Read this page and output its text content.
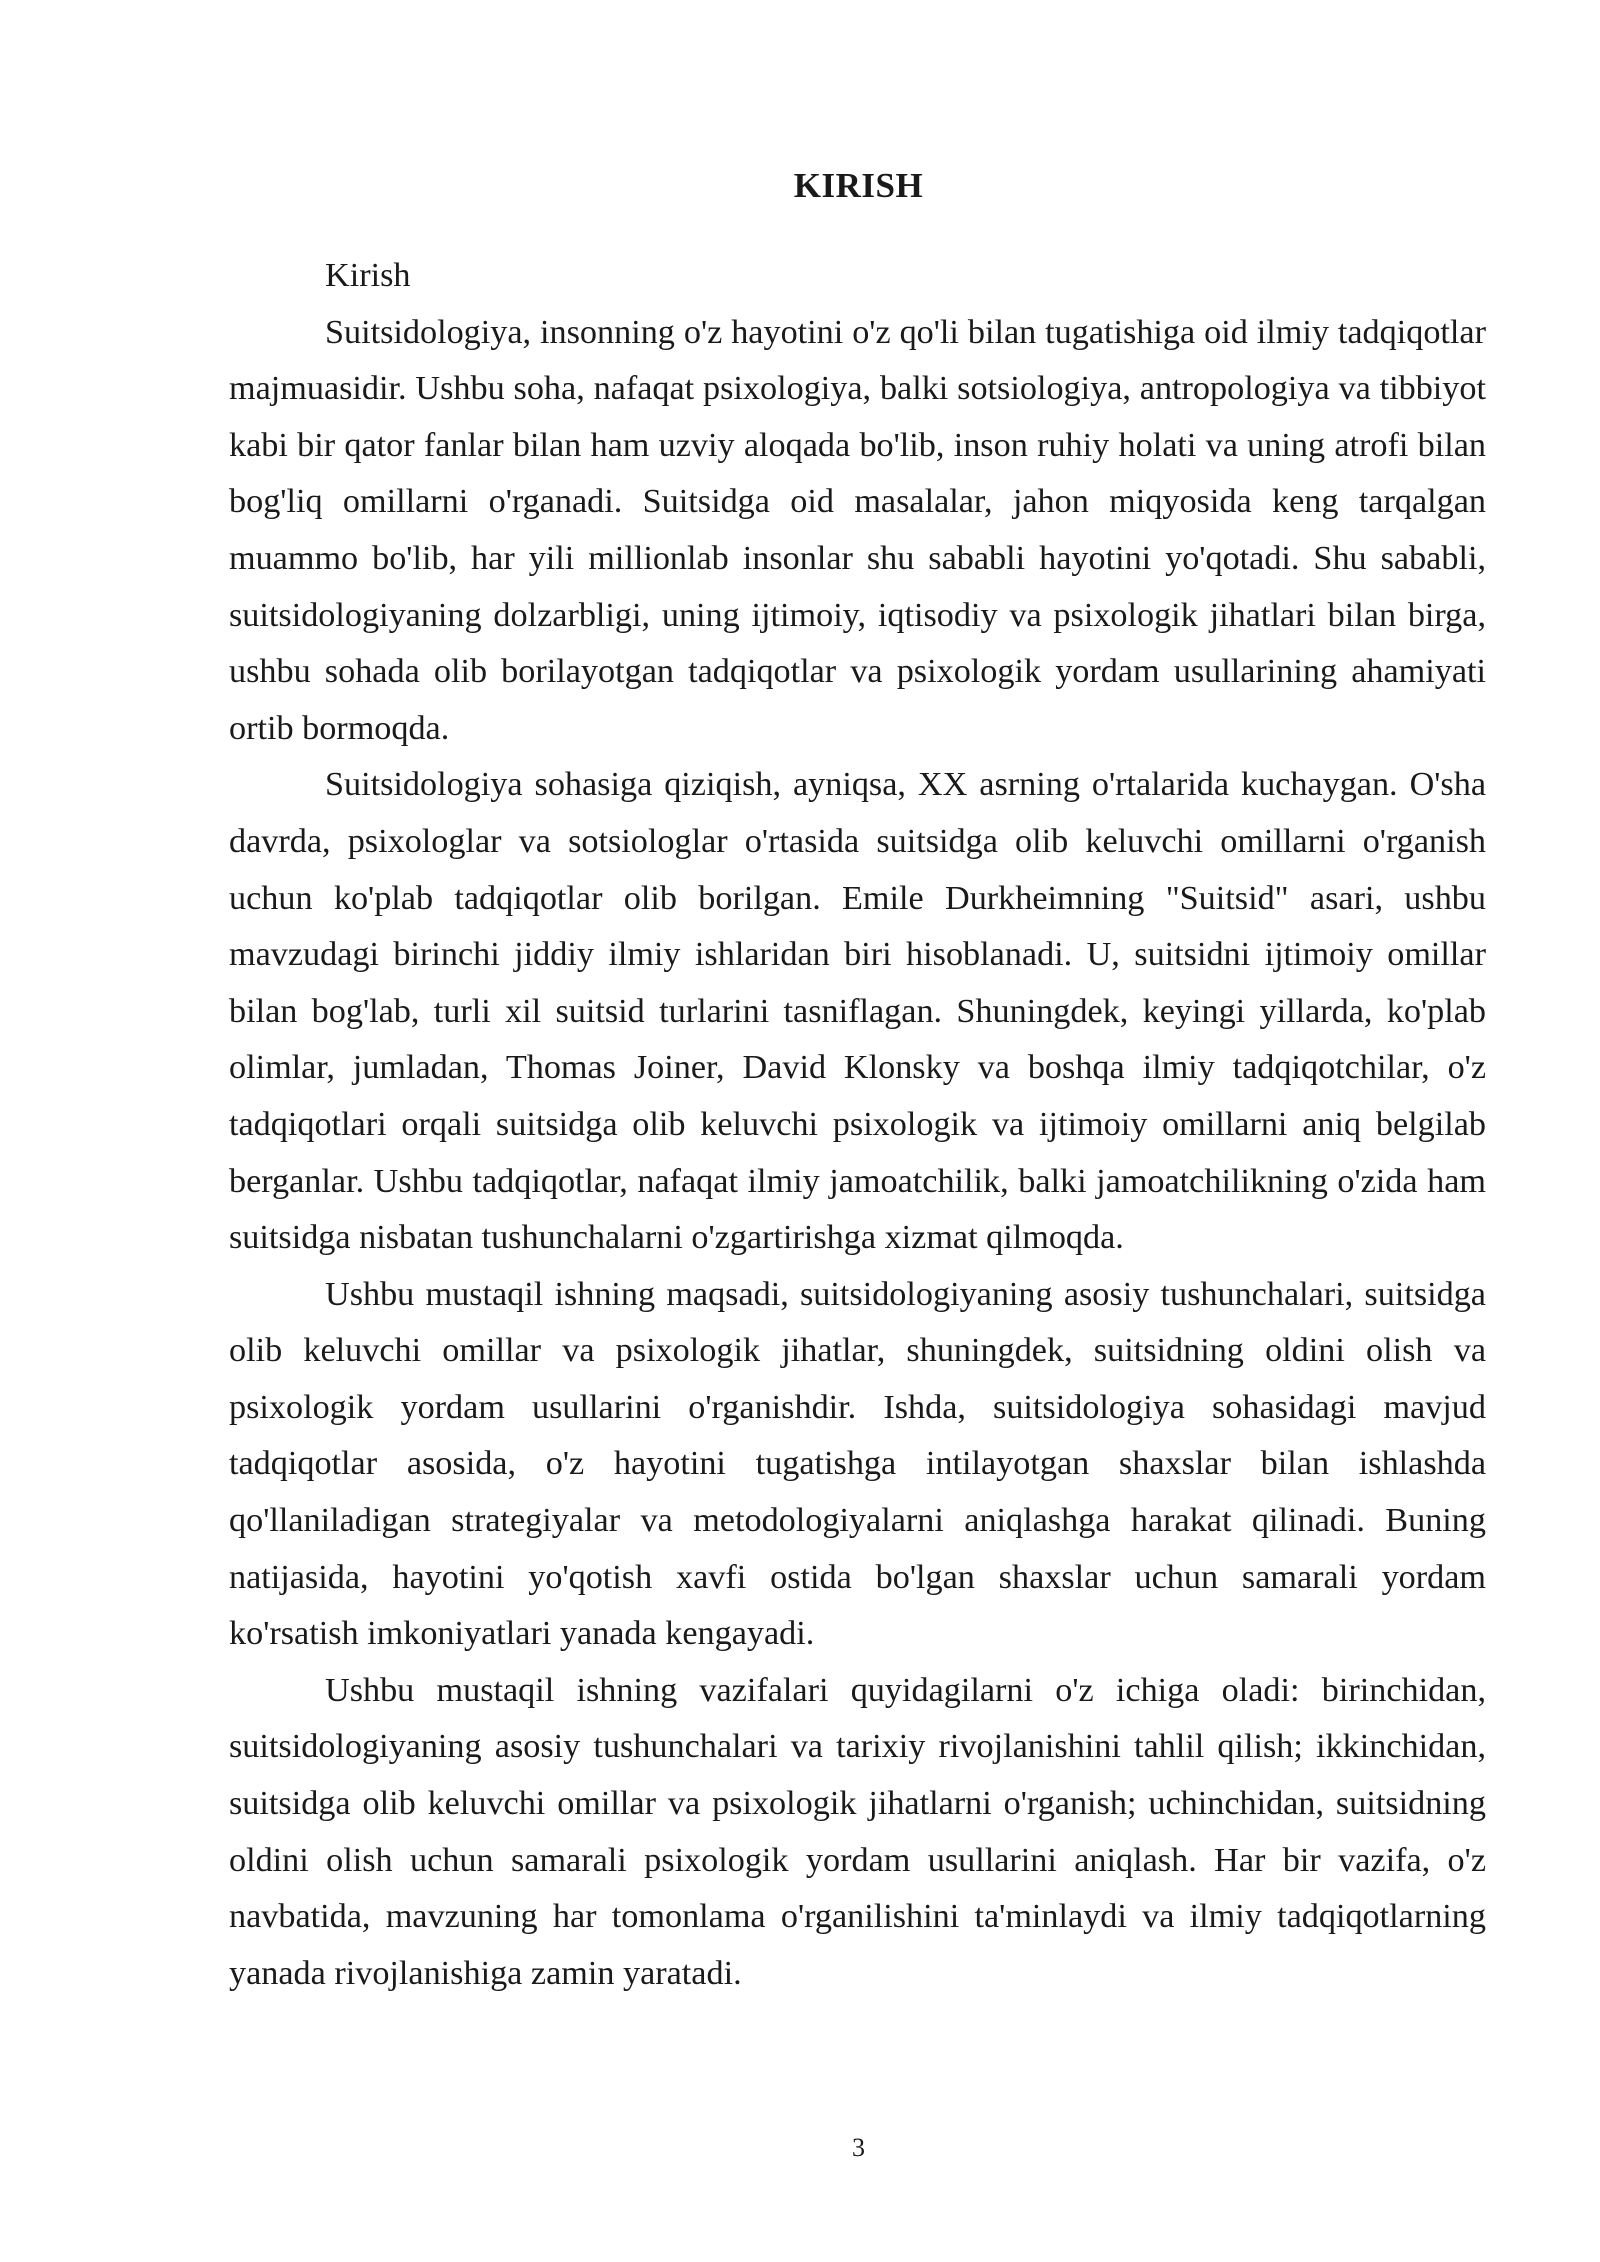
KIRISH

Kirish

Suitsidologiya, insonning o'z hayotini o'z qo'li bilan tugatishiga oid ilmiy tadqiqotlar majmuasidir. Ushbu soha, nafaqat psixologiya, balki sotsiologiya, antropologiya va tibbiyot kabi bir qator fanlar bilan ham uzviy aloqada bo'lib, inson ruhiy holati va uning atrofi bilan bog'liq omillarni o'rganadi. Suitsidga oid masalalar, jahon miqyosida keng tarqalgan muammo bo'lib, har yili millionlab insonlar shu sababli hayotini yo'qotadi. Shu sababli, suitsidologiyaning dolzarbligi, uning ijtimoiy, iqtisodiy va psixologik jihatlari bilan birga, ushbu sohada olib borilayotgan tadqiqotlar va psixologik yordam usullarining ahamiyati ortib bormoqda.

Suitsidologiya sohasiga qiziqish, ayniqsa, XX asrning o'rtalarida kuchaygan. O'sha davrda, psixologlar va sotsiologlar o'rtasida suitsidga olib keluvchi omillarni o'rganish uchun ko'plab tadqiqotlar olib borilgan. Emile Durkheimning "Suitsid" asari, ushbu mavzudagi birinchi jiddiy ilmiy ishlaridan biri hisoblanadi. U, suitsidni ijtimoiy omillar bilan bog'lab, turli xil suitsid turlarini tasniflagan. Shuningdek, keyingi yillarda, ko'plab olimlar, jumladan, Thomas Joiner, David Klonsky va boshqa ilmiy tadqiqotchilar, o'z tadqiqotlari orqali suitsidga olib keluvchi psixologik va ijtimoiy omillarni aniq belgilab berganlar. Ushbu tadqiqotlar, nafaqat ilmiy jamoatchilik, balki jamoatchilikning o'zida ham suitsidga nisbatan tushunchalarni o'zgartirishga xizmat qilmoqda.

Ushbu mustaqil ishning maqsadi, suitsidologiyaning asosiy tushunchalari, suitsidga olib keluvchi omillar va psixologik jihatlar, shuningdek, suitsidning oldini olish va psixologik yordam usullarini o'rganishdir. Ishda, suitsidologiya sohasidagi mavjud tadqiqotlar asosida, o'z hayotini tugatishga intilayotgan shaxslar bilan ishlashda qo'llaniladigan strategiyalar va metodologiyalarni aniqlashga harakat qilinadi. Buning natijasida, hayotini yo'qotish xavfi ostida bo'lgan shaxslar uchun samarali yordam ko'rsatish imkoniyatlari yanada kengayadi.

Ushbu mustaqil ishning vazifalari quyidagilarni o'z ichiga oladi: birinchidan, suitsidologiyaning asosiy tushunchalari va tarixiy rivojlanishini tahlil qilish; ikkinchidan, suitsidga olib keluvchi omillar va psixologik jihatlarni o'rganish; uchinchidan, suitsidning oldini olish uchun samarali psixologik yordam usullarini aniqlash. Har bir vazifa, o'z navbatida, mavzuning har tomonlama o'rganilishini ta'minlaydi va ilmiy tadqiqotlarning yanada rivojlanishiga zamin yaratadi.

3
